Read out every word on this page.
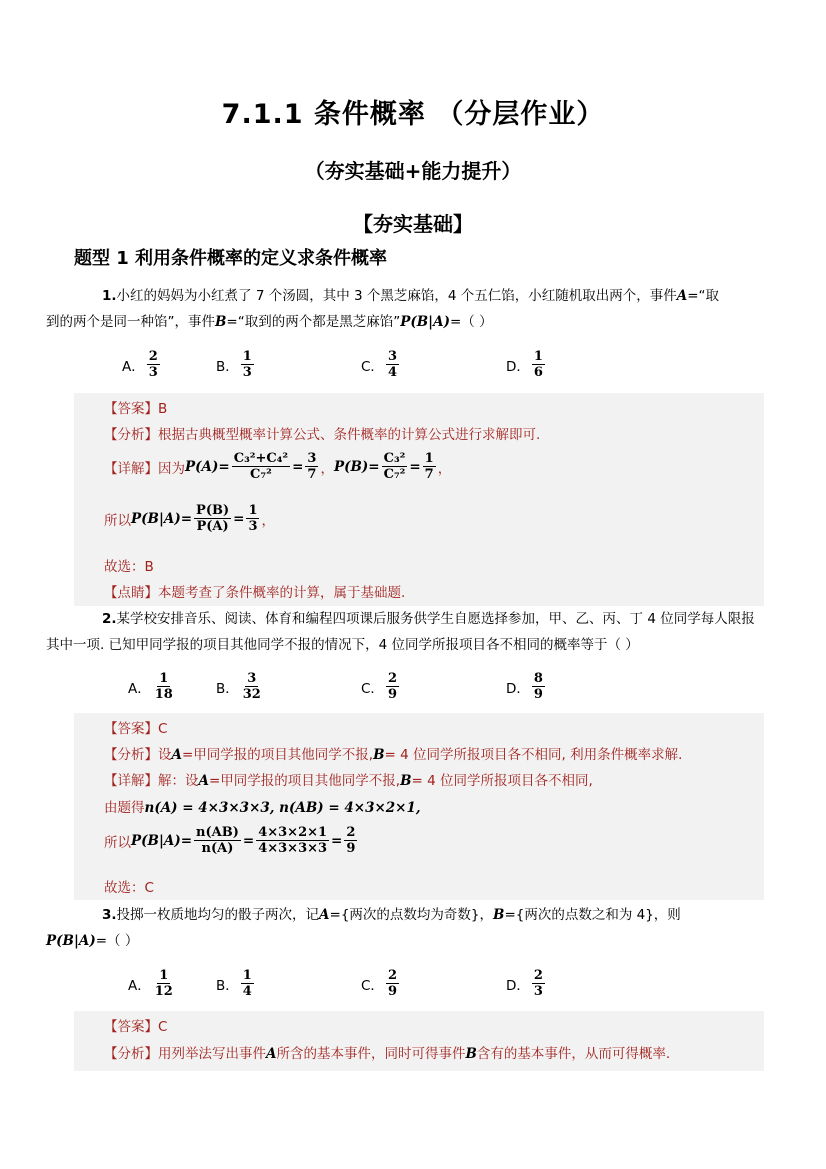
7.1.1 条件概率 （分层作业）
（夯实基础+能力提升）
【夯实基础】
题型 1 利用条件概率的定义求条件概率
1.小红的妈妈为小红煮了 7 个汤圆，其中 3 个黑芝麻馅，4 个五仁馅，小红随机取出两个，事件A=“取
到的两个是同一种馅”，事件B=“取到的两个都是黑芝麻馅”P(B|A)=（ ）
A． $\frac{2}{3}$	B． $\frac{1}{3}$	C． $\frac{3}{4}$	D． $\frac{1}{6}$
【答案】B
【分析】根据古典概型概率计算公式、条件概率的计算公式进行求解即可.
【详解】 因为 $P(A)= \frac{\text{C₃²+C₄²}}{\text{C₇²}} = \frac{3}{7}$ ， $P(B)= \frac{\text{C₃²}}{\text{C₇²}} = \frac{1}{7}$ ，
所以 $P(B|A)= \frac{P(B)}{P(A)} = \frac{1}{3}$ ，
故选：B
【点睛】本题考查了条件概率的计算，属于基础题.
2.某学校安排音乐、阅读、体育和编程四项课后服务供学生自愿选择参加，甲、乙、丙、丁 4 位同学每人限报
其中一项. 已知甲同学报的项目其他同学不报的情况下，4 位同学所报项目各不相同的概率等于（ ）
A． $\frac{1}{18}$	B． $\frac{3}{32}$	C． $\frac{2}{9}$	D． $\frac{8}{9}$
【答案】C
【分析】设A=甲同学报的项目其他同学不报,B= 4 位同学所报项目各不相同, 利用条件概率求解.
【详解】解：设A=甲同学报的项目其他同学不报,B= 4 位同学所报项目各不相同,
由题得n(A) = 4×3×3×3, n(AB) = 4×3×2×1,
所以 $P(B|A)= \frac{n(AB)}{n(A)} = \frac{4\times 3\times 2\times 1}{4\times 3\times 3\times 3} = \frac{2}{9}$
故选：C
3.投掷一枚质地均匀的骰子两次，记A={两次的点数均为奇数}，B={两次的点数之和为 4}，则
P(B|A)=（ ）
A． $\frac{1}{12}$	B． $\frac{1}{4}$	C． $\frac{2}{9}$	D． $\frac{2}{3}$
【答案】C
【分析】用列举法写出事件A所含的基本事件，同时可得事件B含有的基本事件，从而可得概率.
